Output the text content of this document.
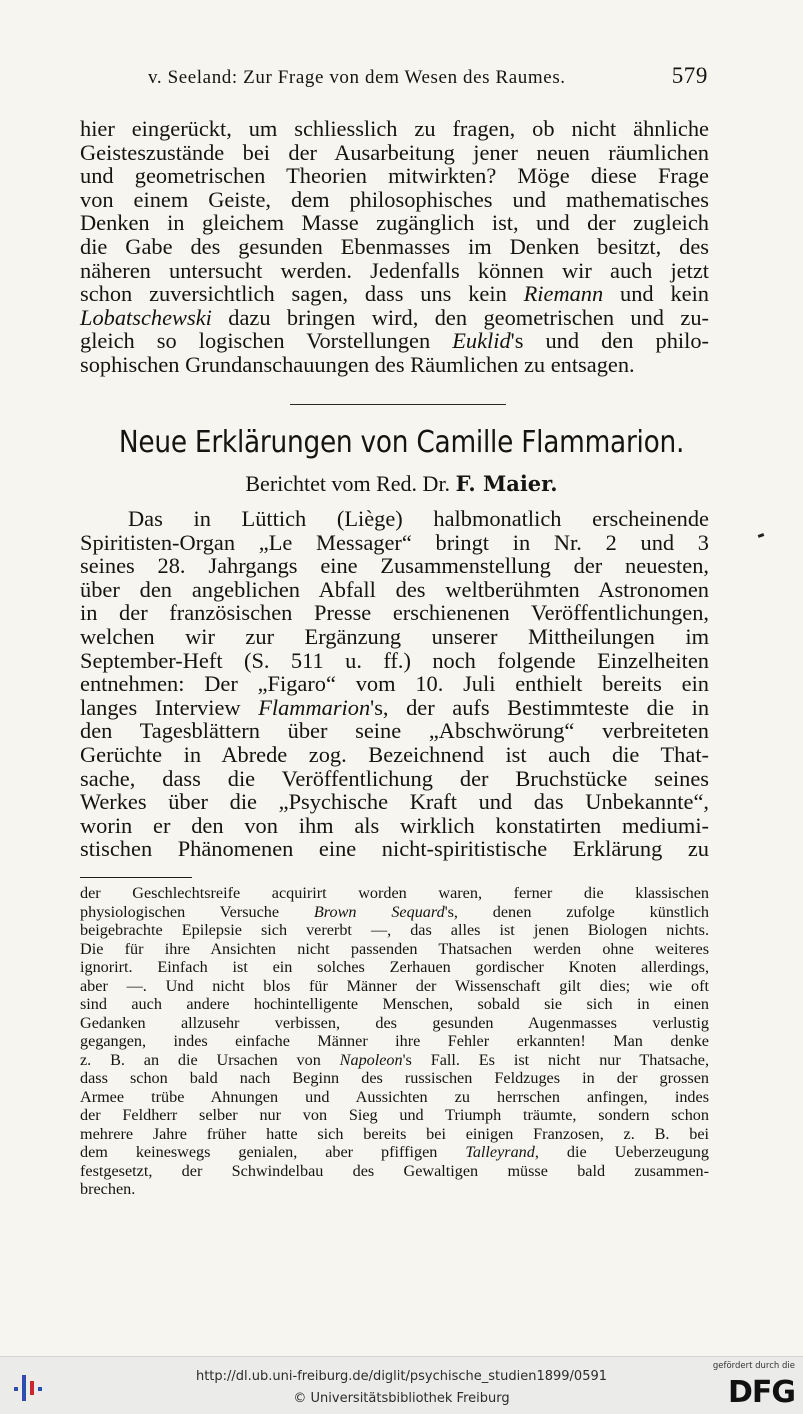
v. Seeland: Zur Frage von dem Wesen des Raumes.	579
hier eingerückt, um schliesslich zu fragen, ob nicht ähnliche
Geisteszustände bei der Ausarbeitung jener neuen räumlichen
und geometrischen Theorien mitwirkten? Möge diese Frage
von einem Geiste, dem philosophisches und mathematisches
Denken in gleichem Masse zugänglich ist, und der zugleich
die Gabe des gesunden Ebenmasses im Denken besitzt, des
näheren untersucht werden. Jedenfalls können wir auch jetzt
schon zuversichtlich sagen, dass uns kein Riemann und kein
Lobatschewski dazu bringen wird, den geometrischen und zu-
gleich so logischen Vorstellungen Euklid's und den philo-
sophischen Grundanschauungen des Räumlichen zu entsagen.
Neue Erklärungen von Camille Flammarion.
Berichtet vom Red. Dr. F. Maier.
Das in Lüttich (Liège) halbmonatlich erscheinende
Spiritisten-Organ „Le Messager“ bringt in Nr. 2 und 3
seines 28. Jahrgangs eine Zusammenstellung der neuesten,
über den angeblichen Abfall des weltberühmten Astronomen
in der französischen Presse erschienenen Veröffentlichungen,
welchen wir zur Ergänzung unserer Mittheilungen im
September-Heft (S. 511 u. ff.) noch folgende Einzelheiten
entnehmen: Der „Figaro“ vom 10. Juli enthielt bereits ein
langes Interview Flammarion's, der aufs Bestimmteste die in
den Tagesblättern über seine „Abschwörung“ verbreiteten
Gerüchte in Abrede zog. Bezeichnend ist auch die That-
sache, dass die Veröffentlichung der Bruchstücke seines
Werkes über die „Psychische Kraft und das Unbekannte“,
worin er den von ihm als wirklich konstatirten mediumi-
stischen Phänomenen eine nicht-spiritistische Erklärung zu
der Geschlechtsreife acquirirt worden waren, ferner die klassischen
physiologischen Versuche Brown Sequard's, denen zufolge künstlich
beigebrachte Epilepsie sich vererbt —, das alles ist jenen Biologen nichts.
Die für ihre Ansichten nicht passenden Thatsachen werden ohne weiteres
ignorirt. Einfach ist ein solches Zerhauen gordischer Knoten allerdings,
aber —. Und nicht blos für Männer der Wissenschaft gilt dies; wie oft
sind auch andere hochintelligente Menschen, sobald sie sich in einen
Gedanken allzusehr verbissen, des gesunden Augenmasses verlustig
gegangen, indes einfache Männer ihre Fehler erkannten! Man denke
z. B. an die Ursachen von Napoleon's Fall. Es ist nicht nur Thatsache,
dass schon bald nach Beginn des russischen Feldzuges in der grossen
Armee trübe Ahnungen und Aussichten zu herrschen anfingen, indes
der Feldherr selber nur von Sieg und Triumph träumte, sondern schon
mehrere Jahre früher hatte sich bereits bei einigen Franzosen, z. B. bei
dem keineswegs genialen, aber pfiffigen Talleyrand, die Ueberzeugung
festgesetzt, der Schwindelbau des Gewaltigen müsse bald zusammen-
brechen.
http://dl.ub.uni-freiburg.de/diglit/psychische_studien1899/0591
© Universitätsbibliothek Freiburg
gefördert durch die
DFG
